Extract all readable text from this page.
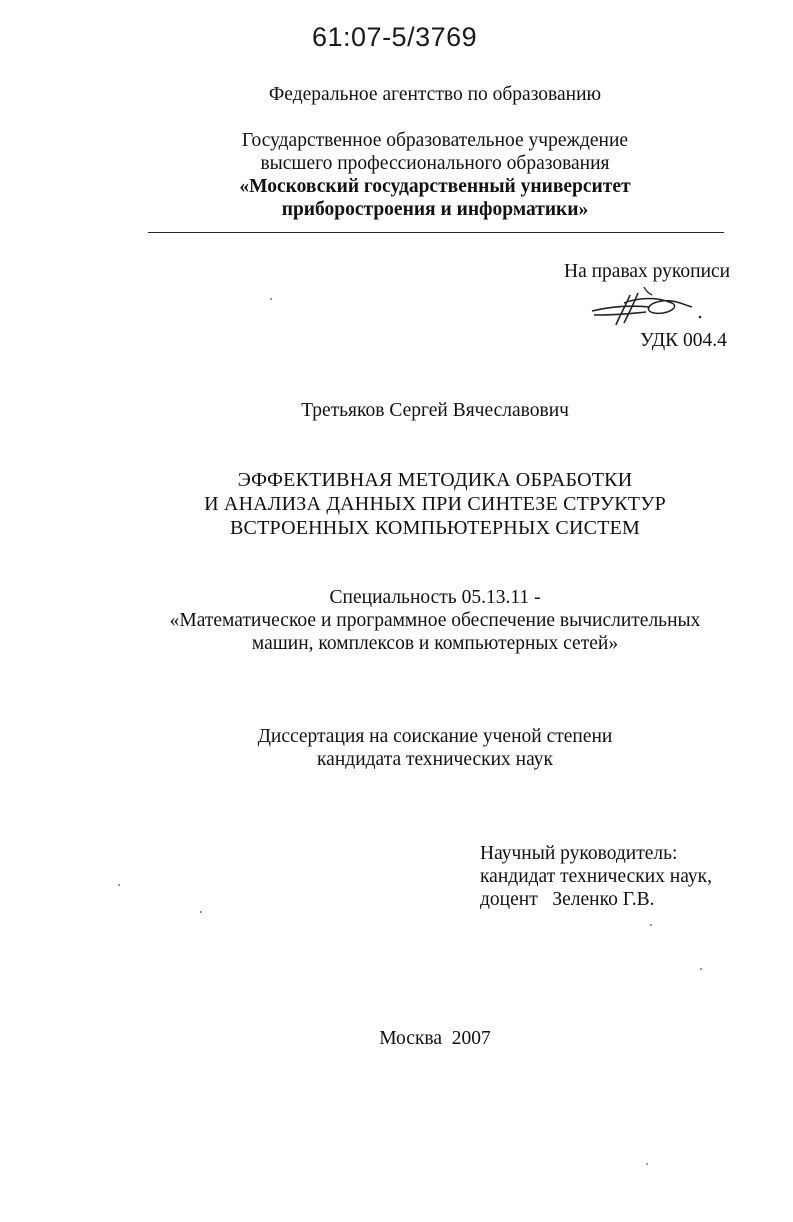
61:07-5/3769
Федеральное агентство по образованию
Государственное образовательное учреждение
высшего профессионального образования
«Московский государственный университет
приборостроения и информатики»
На правах рукописи
УДК 004.4
Третьяков Сергей Вячеславович
ЭФФЕКТИВНАЯ МЕТОДИКА ОБРАБОТКИ
И АНАЛИЗА ДАННЫХ ПРИ СИНТЕЗЕ СТРУКТУР
ВСТРОЕННЫХ КОМПЬЮТЕРНЫХ СИСТЕМ
Специальность 05.13.11 -
«Математическое и программное обеспечение вычислительных
машин, комплексов и компьютерных сетей»
Диссертация на соискание ученой степени
кандидата технических наук
Научный руководитель:
кандидат технических наук,
доцент   Зеленко Г.В.
Москва  2007
